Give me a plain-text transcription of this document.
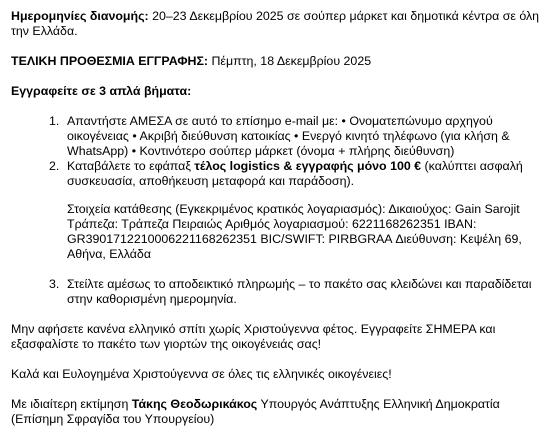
Ημερομηνίες διανομής: 20–23 Δεκεμβρίου 2025 σε σούπερ μάρκετ και δημοτικά κέντρα σε όλη την Ελλάδα.

ΤΕΛΙΚΗ ΠΡΟΘΕΣΜΙΑ ΕΓΓΡΑΦΗΣ: Πέμπτη, 18 Δεκεμβρίου 2025

Εγγραφείτε σε 3 απλά βήματα:

1. Απαντήστε ΑΜΕΣΑ σε αυτό το επίσημο e-mail με: • Ονοματεπώνυμο αρχηγού οικογένειας • Ακριβή διεύθυνση κατοικίας • Ενεργό κινητό τηλέφωνο (για κλήση & WhatsApp) • Κοντινότερο σούπερ μάρκετ (όνομα + πλήρης διεύθυνση)
2. Καταβάλετε το εφάπαξ τέλος logistics & εγγραφής μόνο 100 € (καλύπτει ασφαλή συσκευασία, αποθήκευση μεταφορά και παράδοση).

Στοιχεία κατάθεσης (Εγκεκριμένος κρατικός λογαριασμός): Δικαιούχος: Gain Sarojit Τράπεζα: Τράπεζα Πειραιώς Αριθμός λογαριασμού: 6221168262351 IBAN: GR3901712210006221168262351 BIC/SWIFT: PIRBGRAA Διεύθυνση: Κεψέλη 69, Αθήνα, Ελλάδα

3. Στείλτε αμέσως το αποδεικτικό πληρωμής – το πακέτο σας κλειδώνει και παραδίδεται στην καθορισμένη ημερομηνία.

Μην αφήσετε κανένα ελληνικό σπίτι χωρίς Χριστούγεννα φέτος. Εγγραφείτε ΣΗΜΕΡΑ και εξασφαλίστε το πακέτο των γιορτών της οικογένειάς σας!

Καλά και Ευλογημένα Χριστούγεννα σε όλες τις ελληνικές οικογένειες!

Με ιδιαίτερη εκτίμηση Τάκης Θεοδωρικάκος Υπουργός Ανάπτυξης Ελληνική Δημοκρατία
(Επίσημη Σφραγίδα του Υπουργείου)
